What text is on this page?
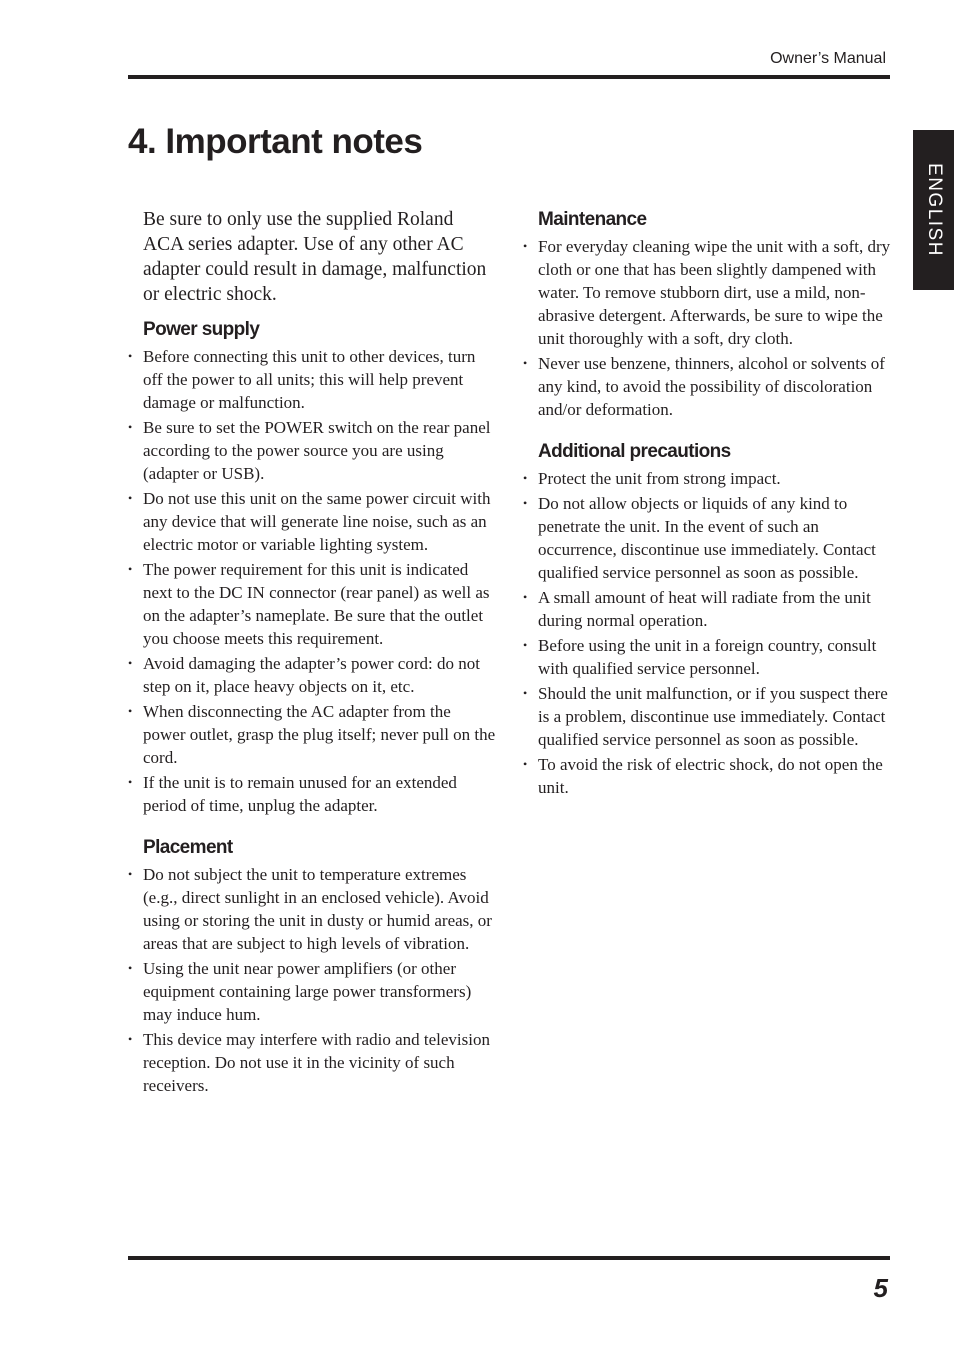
Owner’s Manual
4. Important notes
ENGLISH

Be sure to only use the supplied Roland ACA series adapter. Use of any other AC adapter could result in damage, malfunction or electric shock.

Power supply
• Before connecting this unit to other devices, turn off the power to all units; this will help prevent damage or malfunction.
• Be sure to set the POWER switch on the rear panel according to the power source you are using (adapter or USB).
• Do not use this unit on the same power circuit with any device that will generate line noise, such as an electric motor or variable lighting system.
• The power requirement for this unit is indicated next to the DC IN connector (rear panel) as well as on the adapter’s nameplate. Be sure that the outlet you choose meets this requirement.
• Avoid damaging the adapter’s power cord: do not step on it, place heavy objects on it, etc.
• When disconnecting the AC adapter from the power outlet, grasp the plug itself; never pull on the cord.
• If the unit is to remain unused for an extended period of time, unplug the adapter.
Placement
• Do not subject the unit to temperature extremes (e.g., direct sunlight in an enclosed vehicle). Avoid using or storing the unit in dusty or humid areas, or areas that are subject to high levels of vibration.
• Using the unit near power amplifiers (or other equipment containing large power transformers) may induce hum.
• This device may interfere with radio and television reception. Do not use it in the vicinity of such receivers.
Maintenance
• For everyday cleaning wipe the unit with a soft, dry cloth or one that has been slightly dampened with water. To remove stubborn dirt, use a mild, non-abrasive detergent. Afterwards, be sure to wipe the unit thoroughly with a soft, dry cloth.
• Never use benzene, thinners, alcohol or solvents of any kind, to avoid the possibility of discoloration and/or deformation.
Additional precautions
• Protect the unit from strong impact.
• Do not allow objects or liquids of any kind to penetrate the unit. In the event of such an occurrence, discontinue use immediately. Contact qualified service personnel as soon as possible.
• A small amount of heat will radiate from the unit during normal operation.
• Before using the unit in a foreign country, consult with qualified service personnel.
• Should the unit malfunction, or if you suspect there is a problem, discontinue use immediately. Contact qualified service personnel as soon as possible.
• To avoid the risk of electric shock, do not open the unit.
5
